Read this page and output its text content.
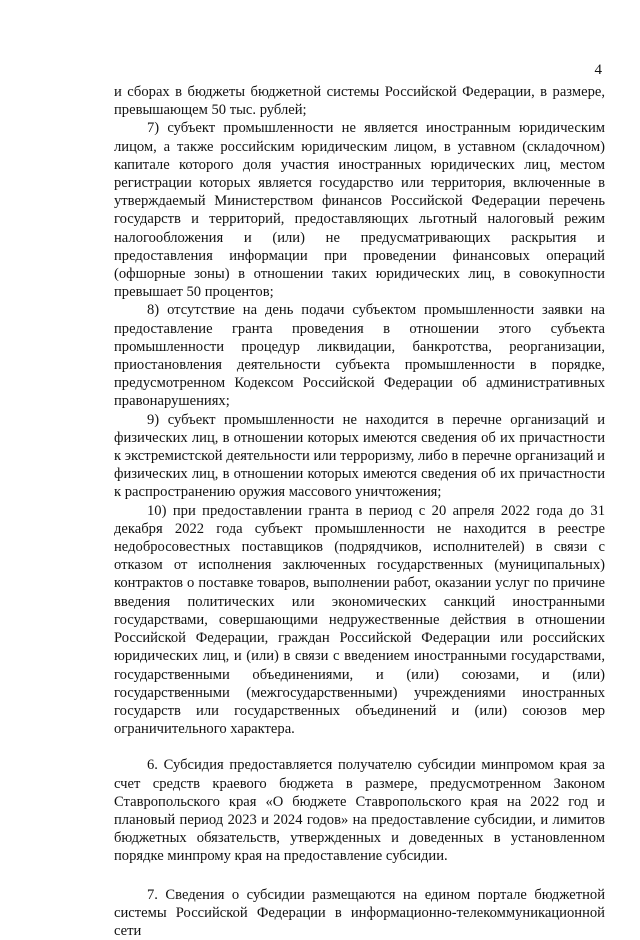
4

и сборах в бюджеты бюджетной системы Российской Федерации, в размере, превышающем 50 тыс. рублей;

7) субъект промышленности не является иностранным юридическим лицом, а также российским юридическим лицом, в уставном (складочном) капитале которого доля участия иностранных юридических лиц, местом регистрации которых является государство или территория, включенные в утверждаемый Министерством финансов Российской Федерации перечень государств и территорий, предоставляющих льготный налоговый режим налогообложения и (или) не предусматривающих раскрытия и предоставления информации при проведении финансовых операций (офшорные зоны) в отношении таких юридических лиц, в совокупности превышает 50 процентов;

8) отсутствие на день подачи субъектом промышленности заявки на предоставление гранта проведения в отношении этого субъекта промышленности процедур ликвидации, банкротства, реорганизации, приостановления деятельности субъекта промышленности в порядке, предусмотренном Кодексом Российской Федерации об административных правонарушениях;

9) субъект промышленности не находится в перечне организаций и физических лиц, в отношении которых имеются сведения об их причастности к экстремистской деятельности или терроризму, либо в перечне организаций и физических лиц, в отношении которых имеются сведения об их причастности к распространению оружия массового уничтожения;

10) при предоставлении гранта в период с 20 апреля 2022 года до 31 декабря 2022 года субъект промышленности не находится в реестре недобросовестных поставщиков (подрядчиков, исполнителей) в связи с отказом от исполнения заключенных государственных (муниципальных) контрактов о поставке товаров, выполнении работ, оказании услуг по причине введения политических или экономических санкций иностранными государствами, совершающими недружественные действия в отношении Российской Федерации, граждан Российской Федерации или российских юридических лиц, и (или) в связи с введением иностранными государствами, государственными объединениями, и (или) союзами, и (или) государственными (межгосударственными) учреждениями иностранных государств или государственных объединений и (или) союзов мер ограничительного характера.

6. Субсидия предоставляется получателю субсидии минпромом края за счет средств краевого бюджета в размере, предусмотренном Законом Ставропольского края «О бюджете Ставропольского края на 2022 год и плановый период 2023 и 2024 годов» на предоставление субсидии, и лимитов бюджетных обязательств, утвержденных и доведенных в установленном порядке минпрому края на предоставление субсидии.

7. Сведения о субсидии размещаются на едином портале бюджетной системы Российской Федерации в информационно-телекоммуникационной сети
